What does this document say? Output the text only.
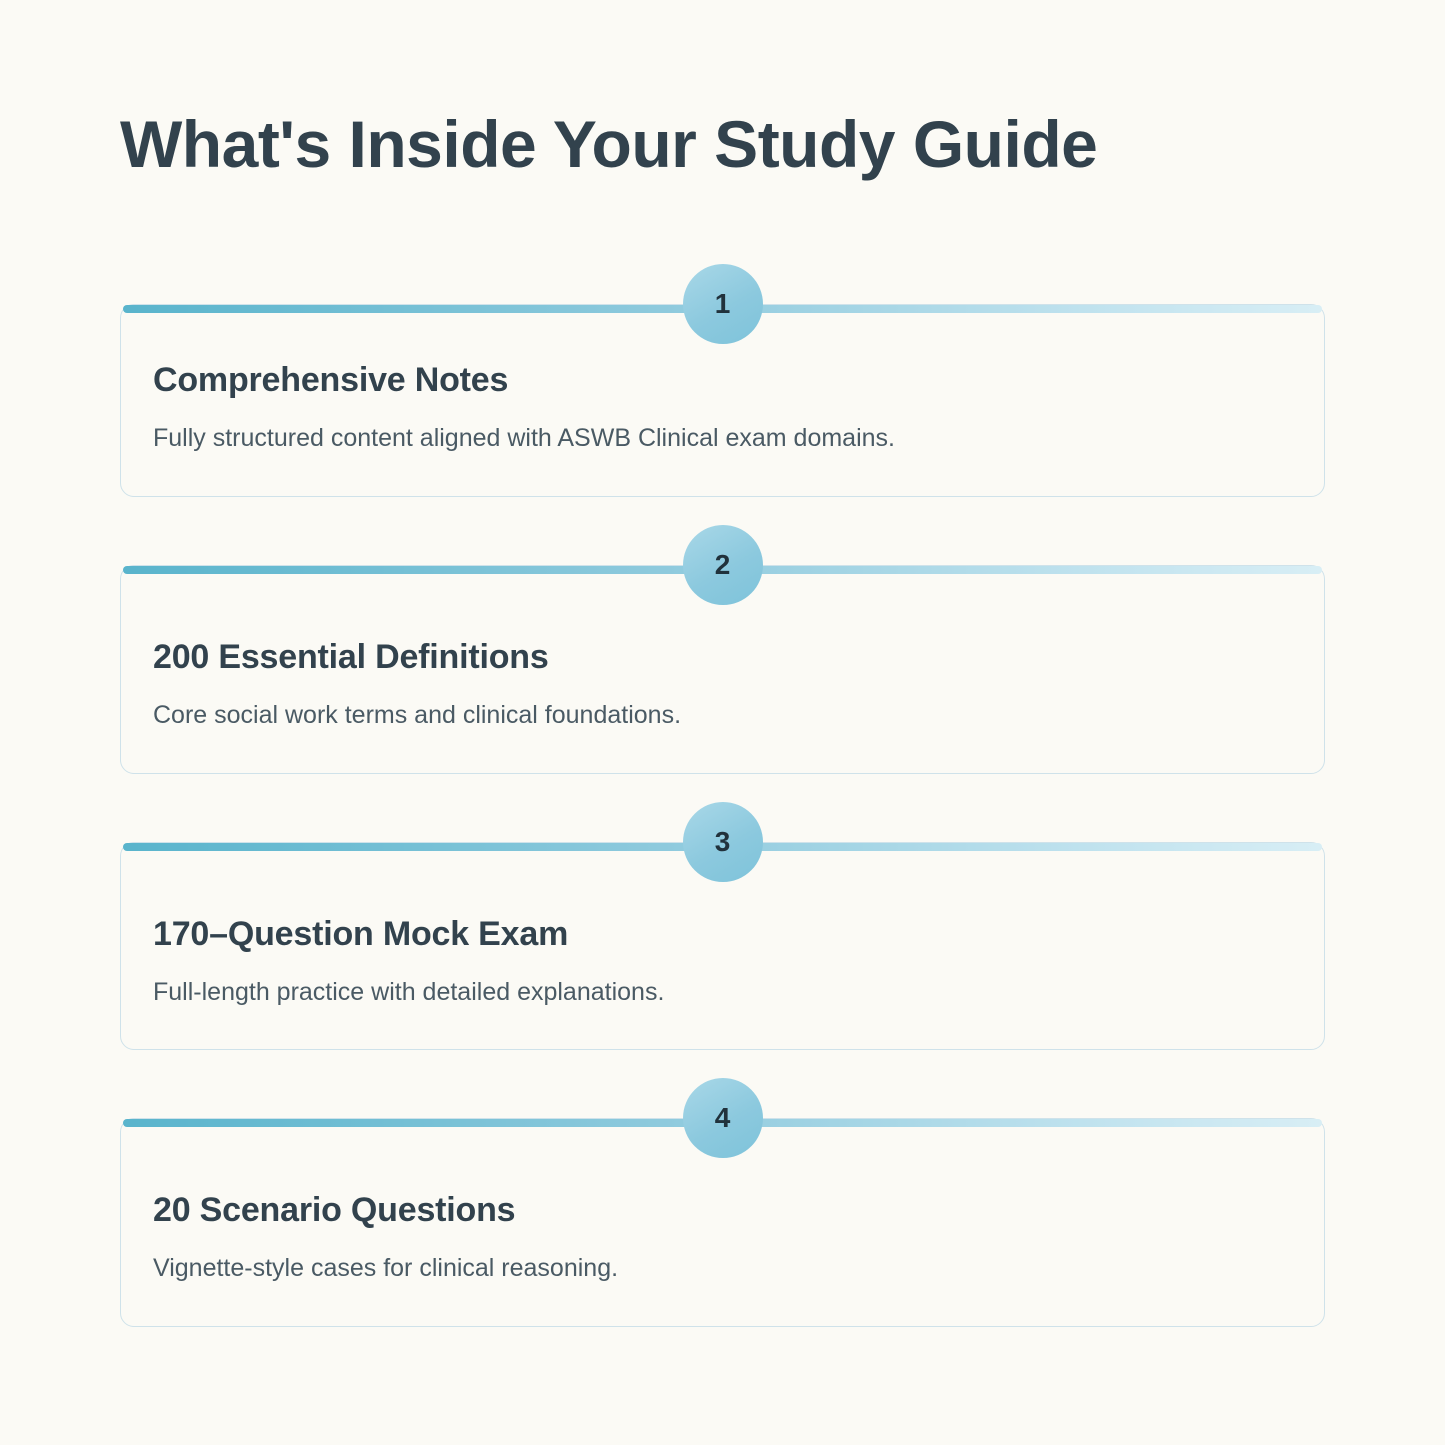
What's Inside Your Study Guide
1

Comprehensive Notes

Fully structured content aligned with ASWB Clinical exam domains.

2

200 Essential Definitions

Core social work terms and clinical foundations.

3

170–Question Mock Exam

Full-length practice with detailed explanations.

4

20 Scenario Questions

Vignette-style cases for clinical reasoning.
